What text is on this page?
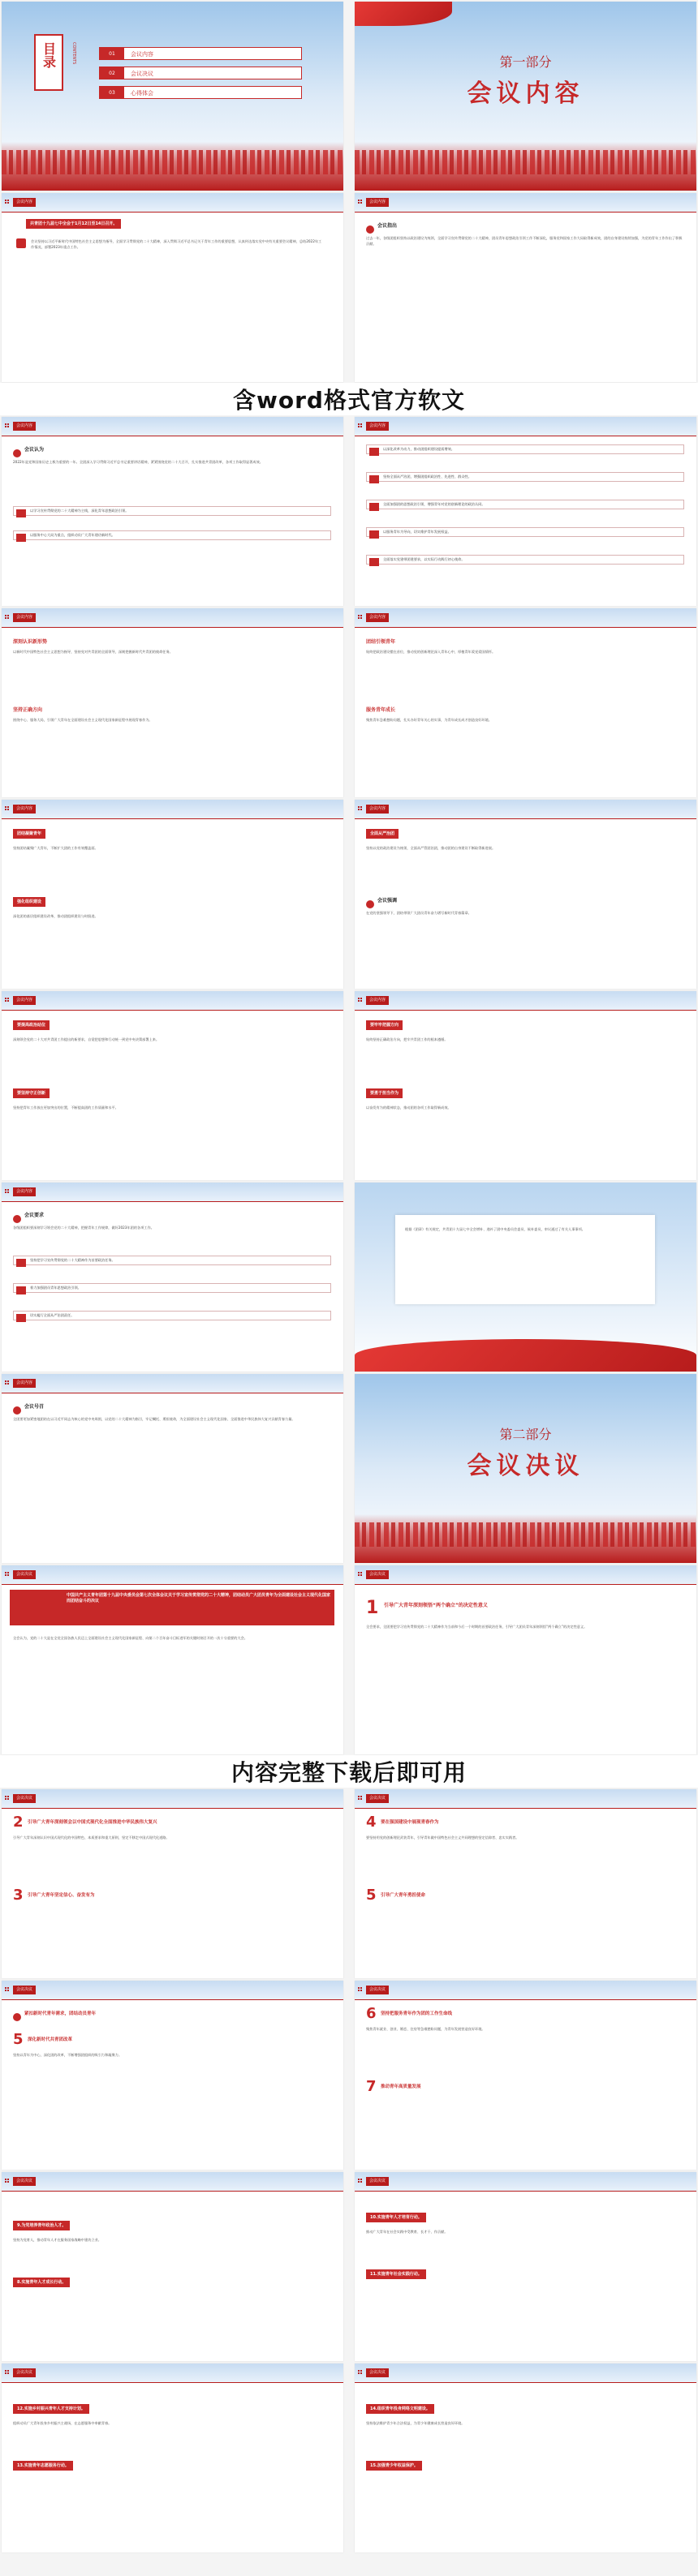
目录	CONTENTS	01	会议内容
02	会议决议
03	心得体会
第一部分
会议内容
会议内容
共青团十九届七中全会于1月12日至14日召开。
会议坚持以习近平新时代中国特色社会主义思想为指导，全面学习贯彻党的二十大精神，深入贯彻习近平总书记关于青年工作的重要思想，认真传达落实党中央有关重要会议精神，总结2022年工作情况，部署2023年重点工作。
会议内容
会议指出
过去一年，各级团组织坚持以政治建设为统领，全面学习宣传贯彻党的二十大精神，团员青年思想政治引领工作不断深化，服务党和国家工作大局取得新成效，团的自身建设持续加强，为党的青年工作作出了积极贡献。
含word格式官方软文
会议内容
会议认为
2022年是党和国家历史上极为重要的一年。全团深入学习贯彻习近平总书记重要讲话精神，紧紧围绕党的二十大召开，扎实推进共青团改革，各项工作取得显著成效。
以学习宣传贯彻党的二十大精神为主线，深化青年思想政治引领。
以服务中心大局为重点，组织动员广大青年建功新时代。
会议内容
以深化改革为动力，推动团组织建设提质增效。
坚持全面从严治团，增强团组织政治性、先进性、群众性。
全面加强团的思想政治引领，增强青年对党的创新理论的政治认同。
以服务青年为导向，切实维护青年发展权益。
全面落实党建带团建要求，以实际行动践行初心使命。
会议内容
深刻认识新形势
以新时代中国特色社会主义思想为指导，坚持党对共青团的全面领导，深刻把握新时代共青团的使命任务。
坚持正确方向
围绕中心、服务大局，引领广大青年在全面建设社会主义现代化国家新征程中展现青春作为。
会议内容
团结引领青年
始终把政治建设摆在首位，推动党的创新理论深入青年心中，厚植青年爱党爱国情怀。
服务青年成长
聚焦青年急难愁盼问题，扎实办好青年关心的实事，为青年成长成才创造良好环境。
会议内容
团结凝聚青年
坚持团结凝聚广大青年，不断扩大团的工作有效覆盖面。
强化组织建设
深化团的基层组织建设改革，推动团组织建设与时俱进。
会议内容
全面从严治团
坚持以党的政治建设为统领，全面从严管团治团，推动团的自身建设不断取得新进展。
会议强调
在党的坚强领导下，团结带领广大团员青年奋力谱写新时代青春篇章。
会议内容
要提高政治站位
深刻领会党的二十大对共青团工作提出的新要求，自觉把思想和行动统一到党中央决策部署上来。
要坚持守正创新
坚持把青年工作放在更加突出的位置，不断提高团的工作质量和水平。
会议内容
要牢牢把握方向
始终坚持正确政治方向，把牢共青团工作的根本遵循。
要勇于担当作为
以奋发有为的精神状态，推动团的各项工作取得新成效。
会议内容
会议要求
各级团组织要深刻学习领会党的二十大精神，把握青年工作规律，做好2023年团的各项工作。
坚持把学习宣传贯彻党的二十大精神作为首要政治任务。
着力加强团员青年思想政治引领。
切实履行全面从严治团责任。
根据《团章》有关规定，共青团十九届七中全会增补、递补了团中央委员会委员、候补委员，审议通过了有关人事事项。
会议内容
会议号召
全团要更加紧密地团结在以习近平同志为核心的党中央周围，以党的二十大精神为指引，牢记嘱托、勇担使命，为全面建设社会主义现代化国家、全面推进中华民族伟大复兴贡献青春力量。
第二部分
会议决议
会议决议
中国共产主义青年团第十九届中央委员会第七次全体会议关于学习宣传贯彻党的二十大精神，团结动员广大团员青年为全面建设社会主义现代化国家而团结奋斗的决议
全会认为，党的二十大是在全党全国各族人民迈上全面建设社会主义现代化国家新征程、向第二个百年奋斗目标进军的关键时刻召开的一次十分重要的大会。
会议决议
1 引导广大青年深刻领悟“两个确立”的决定性意义
全会要求，全团要把学习宣传贯彻党的二十大精神作为当前和今后一个时期的首要政治任务，引导广大团员青年深刻领悟“两个确立”的决定性意义。
内容完整下载后即可用
会议决议
2 引导广大青年深刻领会以中国式现代化全面推进中华民族伟大复兴
引导广大青年深刻认识中国式现代化的中国特色、本质要求和重大原则，坚定不移走中国式现代化道路。
3 引导广大青年坚定信心、奋发有为
会议决议
4 要在强国建设中展现青春作为
要坚持用党的创新理论武装青年，引导青年做中国特色社会主义共同理想的坚定信仰者、忠实实践者。
5 引导广大青年勇担使命
会议决议
紧扣新时代青年需求，团结动员青年
5 深化新时代共青团改革
坚持以青年为中心，深化团的改革，不断增强团组织的吸引力和凝聚力。
会议决议
6 坚持把服务青年作为团的工作生命线
聚焦青年就业、创业、婚恋、住房等急难愁盼问题，为青年发展营造良好环境。
7 推动青年高质量发展
会议决议
9.为党培养青年政治人才。
坚持为党育人，推动青年人才在服务国家战略中建功立业。
8.实施青年人才成长行动。
会议决议
10.实施青年人才培育行动。
推动广大青年在社会实践中受教育、长才干、作贡献。
11.实施青年社会实践行动。
会议决议
12.实施乡村振兴青年人才支持计划。
组织动员广大青年投身乡村振兴主战场，在志愿服务中奉献青春。
13.实施青年志愿服务行动。
会议决议
14.组织青年投身网络文明建设。
坚持依法维护青少年合法权益，为青少年健康成长营造良好环境。
15.加强青少年权益保护。
